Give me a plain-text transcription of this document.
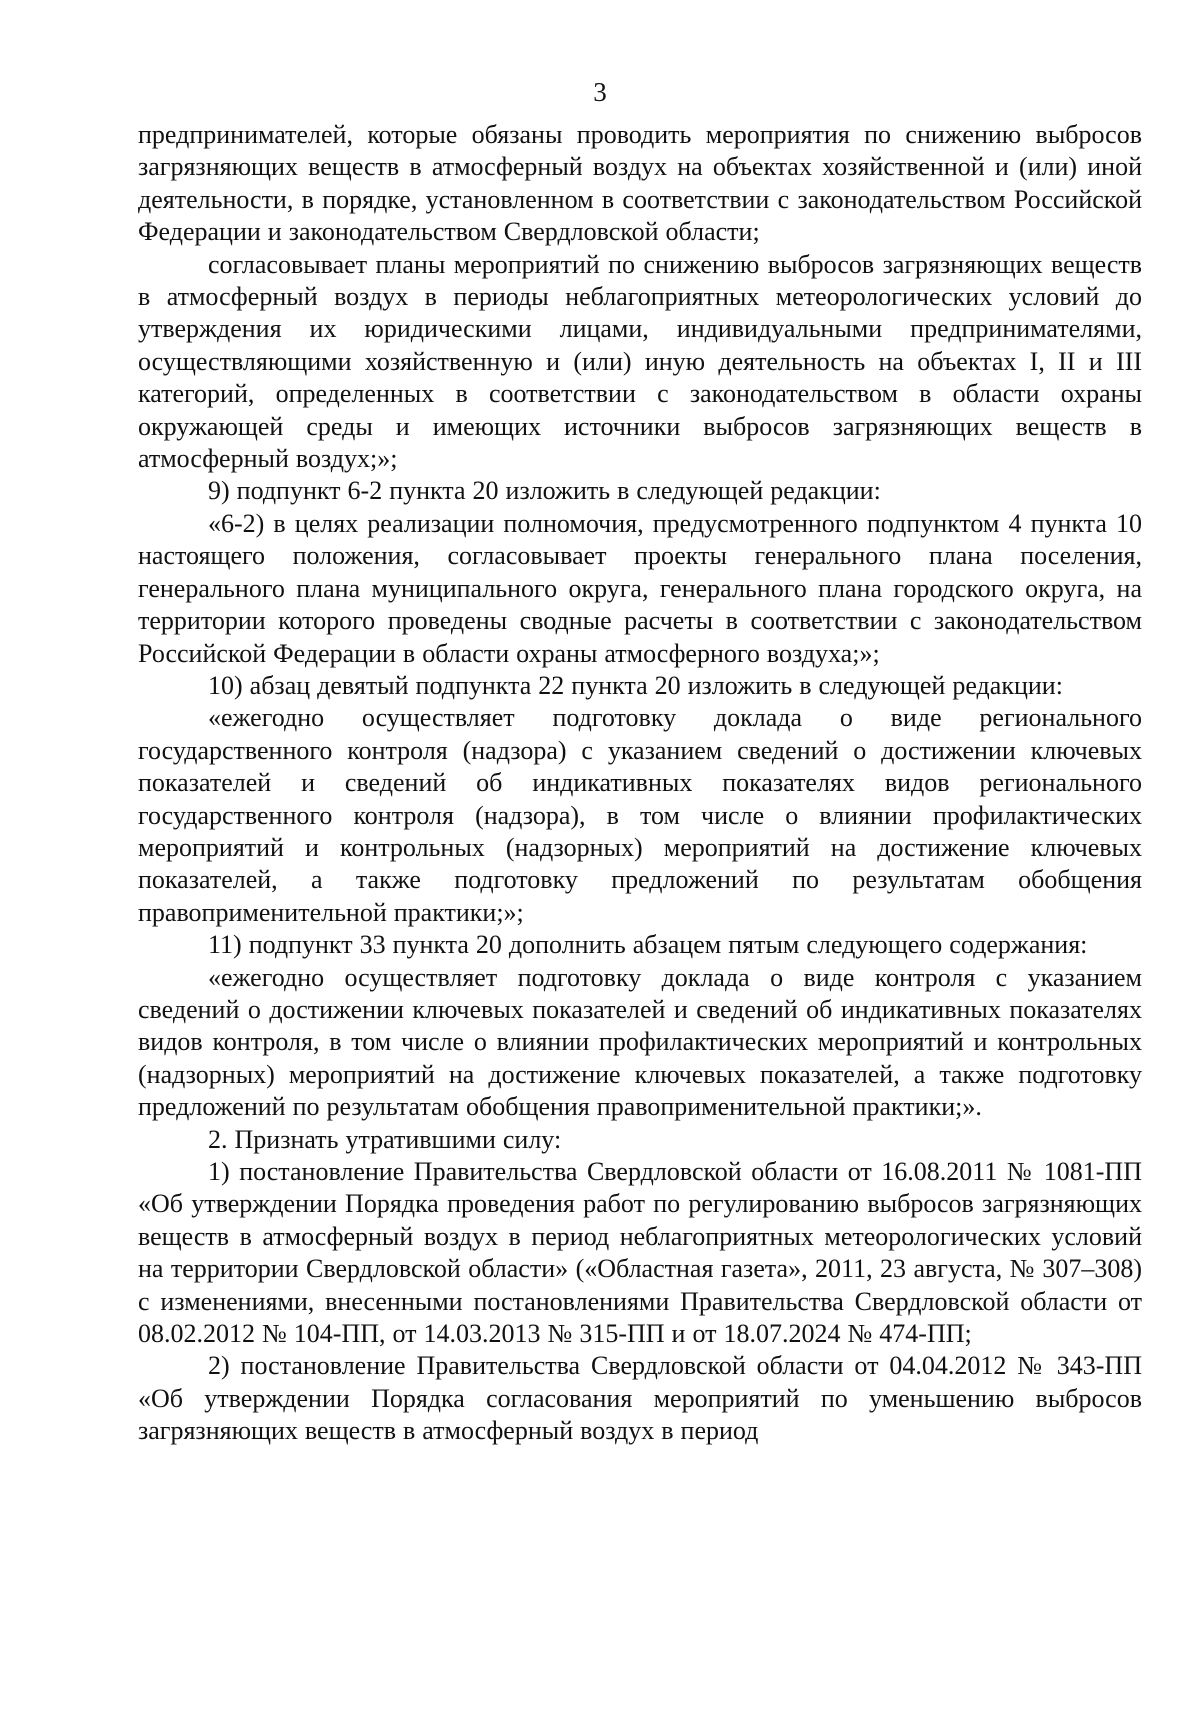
3

предпринимателей, которые обязаны проводить мероприятия по снижению выбросов загрязняющих веществ в атмосферный воздух на объектах хозяйственной и (или) иной деятельности, в порядке, установленном в соответствии с законодательством Российской Федерации и законодательством Свердловской области;

согласовывает планы мероприятий по снижению выбросов загрязняющих веществ в атмосферный воздух в периоды неблагоприятных метеорологических условий до утверждения их юридическими лицами, индивидуальными предпринимателями, осуществляющими хозяйственную и (или) иную деятельность на объектах I, II и III категорий, определенных в соответствии с законодательством в области охраны окружающей среды и имеющих источники выбросов загрязняющих веществ в атмосферный воздух;»;

9) подпункт 6-2 пункта 20 изложить в следующей редакции:

«6-2) в целях реализации полномочия, предусмотренного подпунктом 4 пункта 10 настоящего положения, согласовывает проекты генерального плана поселения, генерального плана муниципального округа, генерального плана городского округа, на территории которого проведены сводные расчеты в соответствии с законодательством Российской Федерации в области охраны атмосферного воздуха;»;

10) абзац девятый подпункта 22 пункта 20 изложить в следующей редакции:

«ежегодно осуществляет подготовку доклада о виде регионального государственного контроля (надзора) с указанием сведений о достижении ключевых показателей и сведений об индикативных показателях видов регионального государственного контроля (надзора), в том числе о влиянии профилактических мероприятий и контрольных (надзорных) мероприятий на достижение ключевых показателей, а также подготовку предложений по результатам обобщения правоприменительной практики;»;

11) подпункт 33 пункта 20 дополнить абзацем пятым следующего содержания:

«ежегодно осуществляет подготовку доклада о виде контроля с указанием сведений о достижении ключевых показателей и сведений об индикативных показателях видов контроля, в том числе о влиянии профилактических мероприятий и контрольных (надзорных) мероприятий на достижение ключевых показателей, а также подготовку предложений по результатам обобщения правоприменительной практики;».

2. Признать утратившими силу:

1) постановление Правительства Свердловской области от 16.08.2011 № 1081-ПП «Об утверждении Порядка проведения работ по регулированию выбросов загрязняющих веществ в атмосферный воздух в период неблагоприятных метеорологических условий на территории Свердловской области» («Областная газета», 2011, 23 августа, № 307–308) с изменениями, внесенными постановлениями Правительства Свердловской области от 08.02.2012 № 104-ПП, от 14.03.2013 № 315-ПП и от 18.07.2024 № 474-ПП;

2) постановление Правительства Свердловской области от 04.04.2012 № 343-ПП «Об утверждении Порядка согласования мероприятий по уменьшению выбросов загрязняющих веществ в атмосферный воздух в период
